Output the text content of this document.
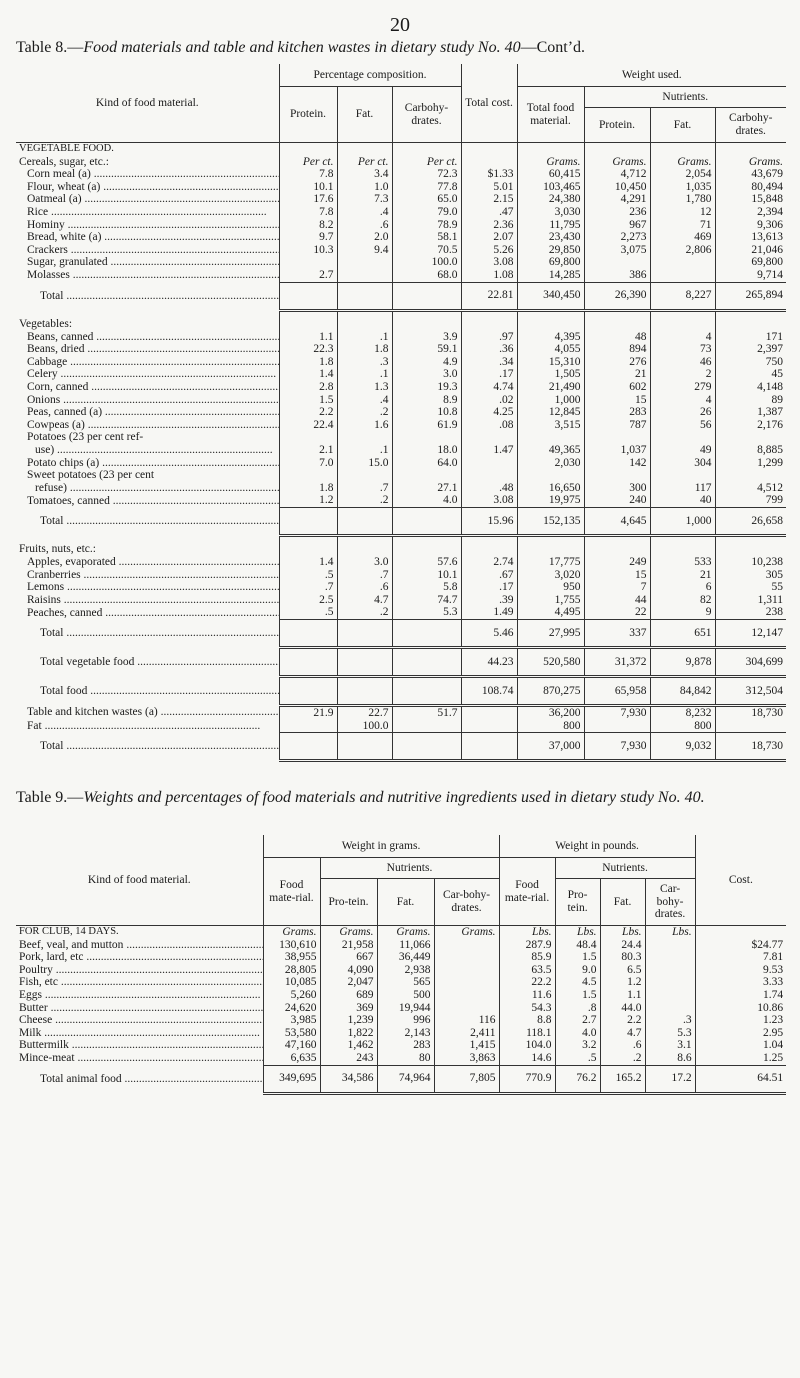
20
Table 8.—Food materials and table and kitchen wastes in dietary study No. 40—Cont’d.
Kind of food material.	Percentage composition.			Total cost.	Weight used.			
	Protein.	Fat.	Carbohy-drates.		Total food material.	Nutrients.		
						Protein.	Fat.	Carbohy-drates.
VEGETABLE FOOD.								
Cereals, sugar, etc.:	Per ct.	Per ct.	Per ct.		Grams.	Grams.	Grams.	Grams.
Corn meal (a) .....	7.8	3.4	72.3	$1.33	60,415	4,712	2,054	43,679
Flour, wheat (a) .....	10.1	1.0	77.8	5.01	103,465	10,450	1,035	80,494
Oatmeal (a) .....	17.6	7.3	65.0	2.15	24,380	4,291	1,780	15,848
Rice .....	7.8	.4	79.0	.47	3,030	236	12	2,394
Hominy .....	8.2	.6	78.9	2.36	11,795	967	71	9,306
Bread, white (a) .....	9.7	2.0	58.1	2.07	23,430	2,273	469	13,613
Crackers .....	10.3	9.4	70.5	5.26	29,850	3,075	2,806	21,046
Sugar, granulated .....			100.0	3.08	69,800			69,800
Molasses .....	2.7		68.0	1.08	14,285	386		9,714
Total .....				22.81	340,450	26,390	8,227	265,894
Vegetables:								
Beans, canned .....	1.1	.1	3.9	.97	4,395	48	4	171
Beans, dried .....	22.3	1.8	59.1	.36	4,055	894	73	2,397
Cabbage .....	1.8	.3	4.9	.34	15,310	276	46	750
Celery .....	1.4	.1	3.0	.17	1,505	21	2	45
Corn, canned .....	2.8	1.3	19.3	4.74	21,490	602	279	4,148
Onions .....	1.5	.4	8.9	.02	1,000	15	4	89
Peas, canned (a) .....	2.2	.2	10.8	4.25	12,845	283	26	1,387
Cowpeas (a) .....	22.4	1.6	61.9	.08	3,515	787	56	2,176
Potatoes (23 per cent ref-
use) .....	2.1	.1	18.0	1.47	49,365	1,037	49	8,885
Potato chips (a) .....	7.0	15.0	64.0		2,030	142	304	1,299
Sweet potatoes (23 per cent
refuse) .....	1.8	.7	27.1	.48	16,650	300	117	4,512
Tomatoes, canned .....	1.2	.2	4.0	3.08	19,975	240	40	799
Total .....				15.96	152,135	4,645	1,000	26,658
Fruits, nuts, etc.:								
Apples, evaporated .....	1.4	3.0	57.6	2.74	17,775	249	533	10,238
Cranberries .....	.5	.7	10.1	.67	3,020	15	21	305
Lemons .....	.7	.6	5.8	.17	950	7	6	55
Raisins .....	2.5	4.7	74.7	.39	1,755	44	82	1,311
Peaches, canned .....	.5	.2	5.3	1.49	4,495	22	9	238
Total .....				5.46	27,995	337	651	12,147
Total vegetable food .....				44.23	520,580	31,372	9,878	304,699
Total food .....				108.74	870,275	65,958	84,842	312,504
Table and kitchen wastes (a) .....	21.9	22.7	51.7		36,200	7,930	8,232	18,730
Fat .....		100.0			800		800	
Total .....					37,000	7,930	9,032	18,730
Table 9.—Weights and percentages of food materials and nutritive ingredients used in dietary study No. 40.
Kind of food material.	Weight in grams.				Weight in pounds.				Cost.
	Food mate-rial.	Nutrients.			Food mate-rial.	Nutrients.			
		Pro-tein.	Fat.	Car-bohy-drates.		Pro-tein.	Fat.	Car-bohy-drates.	
FOR CLUB, 14 DAYS.	Grams.	Grams.	Grams.	Grams.	Lbs.	Lbs.	Lbs.	Lbs.	
Beef, veal, and mutton .....	130,610	21,958	11,066		287.9	48.4	24.4		$24.77
Pork, lard, etc .....	38,955	667	36,449		85.9	1.5	80.3		7.81
Poultry .....	28,805	4,090	2,938		63.5	9.0	6.5		9.53
Fish, etc .....	10,085	2,047	565		22.2	4.5	1.2		3.33
Eggs .....	5,260	689	500		11.6	1.5	1.1		1.74
Butter .....	24,620	369	19,944		54.3	.8	44.0		10.86
Cheese .....	3,985	1,239	996	116	8.8	2.7	2.2	.3	1.23
Milk .....	53,580	1,822	2,143	2,411	118.1	4.0	4.7	5.3	2.95
Buttermilk .....	47,160	1,462	283	1,415	104.0	3.2	.6	3.1	1.04
Mince-meat .....	6,635	243	80	3,863	14.6	.5	.2	8.6	1.25
Total animal food .....	349,695	34,586	74,964	7,805	770.9	76.2	165.2	17.2	64.51
